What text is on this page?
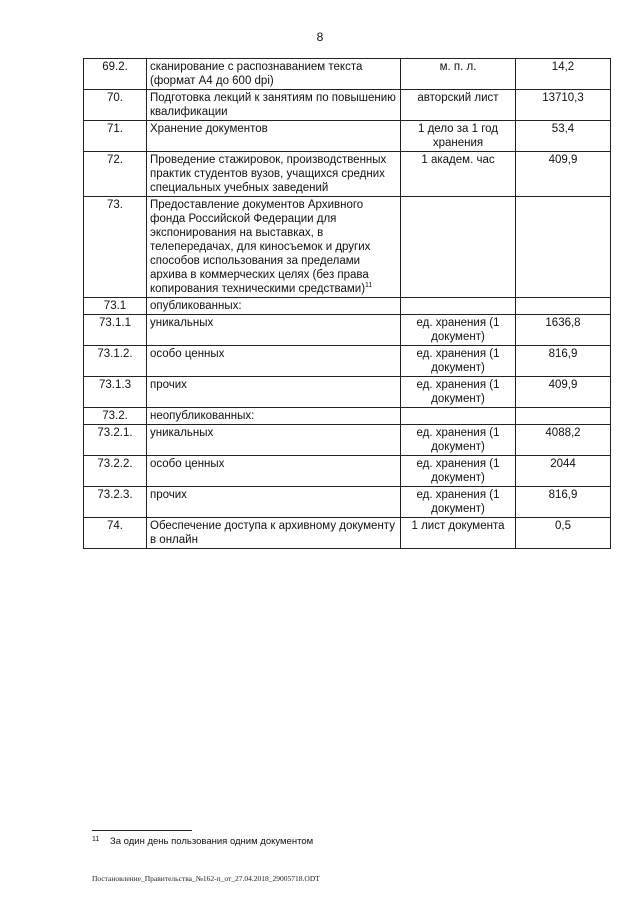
8
69.2.	сканирование с распознаванием текста (формат А4 до 600 dpi)	м. п. л.	14,2
70.	Подготовка лекций к занятиям по повышению квалификации	авторский лист	13710,3
71.	Хранение документов	1 дело за 1 год хранения	53,4
72.	Проведение стажировок, производственных практик студентов вузов, учащихся средних специальных учебных заведений	1 академ. час	409,9
73.	Предоставление документов Архивного фонда Российской Федерации для экспонирования на выставках, в телепередачах, для киносъемок и других способов использования за пределами архива в коммерческих целях (без права копирования техническими средствами)$^{11}$		
73.1	опубликованных:		
73.1.1	уникальных	ед. хранения (1 документ)	1636,8
73.1.2.	особо ценных	ед. хранения (1 документ)	816,9
73.1.3	прочих	ед. хранения (1 документ)	409,9
73.2.	неопубликованных:		
73.2.1.	уникальных	ед. хранения (1 документ)	4088,2
73.2.2.	особо ценных	ед. хранения (1 документ)	2044
73.2.3.	прочих	ед. хранения (1 документ)	816,9
74.	Обеспечение доступа к архивному документу в онлайн	1 лист документа	0,5
11 За один день пользования одним документом
Постановление_Правительства_№162-п_от_27.04.2018_29005718.ODT
